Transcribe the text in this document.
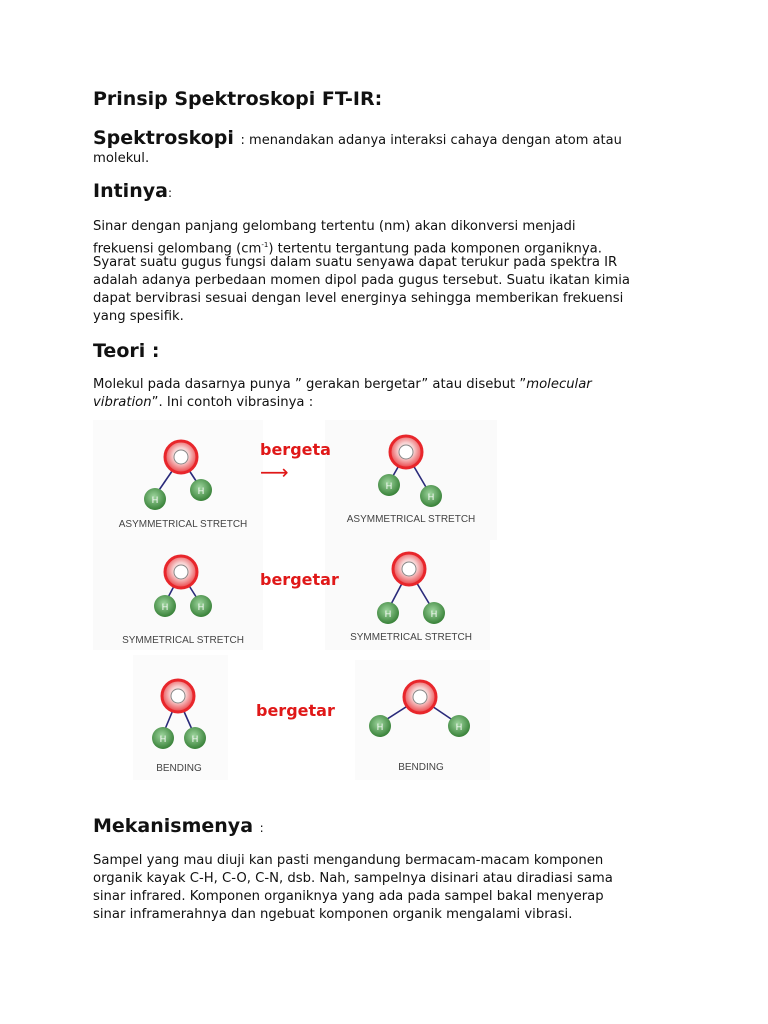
Prinsip Spektroskopi FT-IR:
Spektroskopi : menandakan adanya interaksi cahaya dengan atom atau

molekul.

Intinya:

Sinar dengan panjang gelombang tertentu (nm) akan dikonversi menjadi

frekuensi gelombang $(cm^{-1})$ tertentu tergantung pada komponen organiknya.

Syarat suatu gugus fungsi dalam suatu senyawa dapat terukur pada spektra IR

adalah adanya perbedaan momen dipol pada gugus tersebut. Suatu ikatan kimia

dapat bervibrasi sesuai dengan level energinya sehingga memberikan frekuensi

yang spesifik.

Teori :

Molekul pada dasarnya punya ” gerakan bergetar” atau disebut ”molecular

vibration”. Ini contoh vibrasinya :

H
H
ASYMMETRICAL STRETCH
bergeta
⟶
H
H
ASYMMETRICAL STRETCH
H	H
SYMMETRICAL STRETCH
bergetar
H	H
SYMMETRICAL STRETCH
H	H
BENDING
bergetar
H	H
BENDING
Mekanismenya :

Sampel yang mau diuji kan pasti mengandung bermacam-macam komponen

organik kayak C-H, C-O, C-N, dsb. Nah, sampelnya disinari atau diradiasi sama

sinar infrared. Komponen organiknya yang ada pada sampel bakal menyerap

sinar inframerahnya dan ngebuat komponen organik mengalami vibrasi.
